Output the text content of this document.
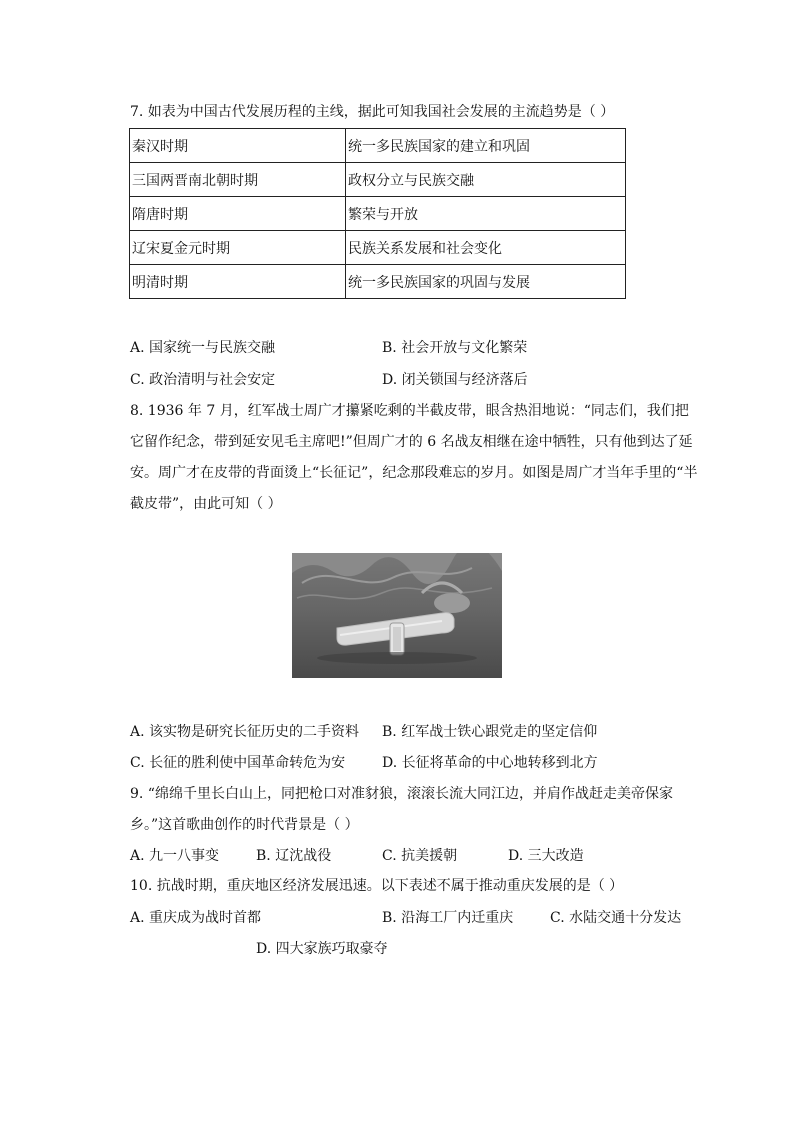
7. 如表为中国古代发展历程的主线，据此可知我国社会发展的主流趋势是（ ）
秦汉时期	统一多民族国家的建立和巩固
三国两晋南北朝时期	政权分立与民族交融
隋唐时期	繁荣与开放
辽宋夏金元时期	民族关系发展和社会变化
明清时期	统一多民族国家的巩固与发展
A. 国家统一与民族交融	B. 社会开放与文化繁荣
C. 政治清明与社会安定	D. 闭关锁国与经济落后
8. 1936 年 7 月，红军战士周广才攥紧吃剩的半截皮带，眼含热泪地说：“同志们，我们把
它留作纪念，带到延安见毛主席吧!”但周广才的 6 名战友相继在途中牺牲，只有他到达了延
安。周广才在皮带的背面烫上“长征记”，纪念那段难忘的岁月。如图是周广才当年手里的“半
截皮带”，由此可知（ ）
A. 该实物是研究长征历史的二手资料 B. 红军战士铁心跟党走的坚定信仰
C. 长征的胜利使中国革命转危为安	D. 长征将革命的中心地转移到北方
9. “绵绵千里长白山上，同把枪口对准豺狼，滚滚长流大同江边，并肩作战赶走美帝保家
乡。”这首歌曲创作的时代背景是（ ）
A. 九一八事变	B. 辽沈战役	C. 抗美援朝	D. 三大改造
10. 抗战时期，重庆地区经济发展迅速。以下表述不属于推动重庆发展的是（ ）
A. 重庆成为战时首都	B. 沿海工厂内迁重庆	C. 水陆交通十分发达
D. 四大家族巧取豪夺
